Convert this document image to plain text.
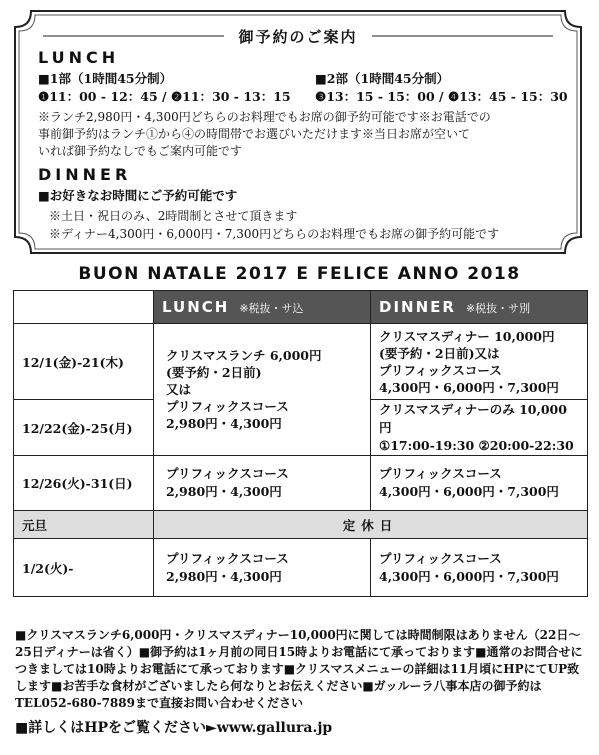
御予約のご案内
LUNCH
■1部（1時間45分制）
❶11：00 - 12：45 / ❷11：30 - 13：15
■2部（1時間45分制）
❸13：15 - 15：00 / ❹13：45 - 15：30
※ランチ2,980円・4,300円どちらのお料理でもお席の御予約可能です※お電話での
事前御予約はランチ①から④の時間帯でお選びいただけます※当日お席が空いて
いれば御予約なしでもご案内可能です
DINNER
■お好きなお時間にご予約可能です
※土日・祝日のみ、2時間制とさせて頂きます
※ディナー4,300円・6,000円・7,300円どちらのお料理でもお席の御予約可能です
BUON NATALE 2017 E FELICE ANNO 2018
	LUNCH ※税抜・サ込	DINNER ※税抜・サ別
12/1(金)-21(木)	クリスマスランチ 6,000円
(要予約・2日前)
又は
プリフィックスコース
2,980円・4,300円	クリスマスディナー 10,000円
(要予約・2日前)又は
プリフィックスコース
4,300円・6,000円・7,300円
12/22(金)-25(月)		クリスマスディナーのみ 10,000円
①17:00-19:30 ②20:00-22:30
12/26(火)-31(日)	プリフィックスコース
2,980円・4,300円	プリフィックスコース
4,300円・6,000円・7,300円
元旦	定休日	
1/2(火)-	プリフィックスコース
2,980円・4,300円	プリフィックスコース
4,300円・6,000円・7,300円
■クリスマスランチ6,000円・クリスマスディナー10,000円に関しては時間制限はありません（22日〜25日ディナーは省く）■御予約は1ヶ月前の同日15時よりお電話にて承っております■通常のお問合せにつきましては10時よりお電話にて承っております■クリスマスメニューの詳細は11月頃にHPにてUP致します■お苦手な食材がございましたら何なりとお伝えください■ガッルーラ八事本店の御予約はTEL052-680-7889まで直接お問い合わせください
■詳しくはHPをご覧ください►www.gallura.jp
